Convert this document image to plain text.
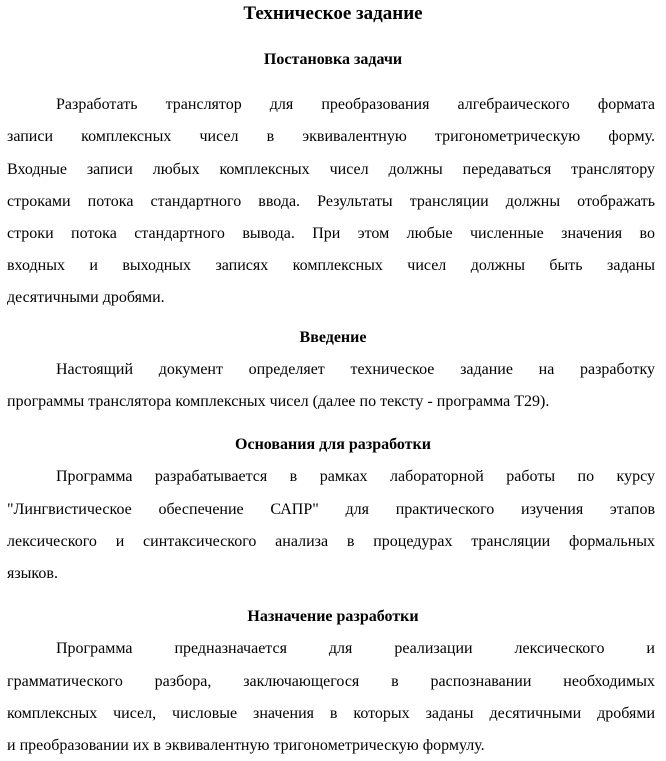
Техническое задание
Постановка задачи
Разработать транслятор для преобразования алгебраического формата
записи комплексных чисел в эквивалентную тригонометрическую форму.
Входные записи любых комплексных чисел должны передаваться транслятору
строками потока стандартного ввода. Результаты трансляции должны отображать
строки потока стандартного вывода. При этом любые численные значения во
входных и выходных записях комплексных чисел должны быть заданы
десятичными дробями.
Введение
Настоящий документ определяет техническое задание на разработку
программы транслятора комплексных чисел (далее по тексту - программа Т29).
Основания для разработки
Программа разрабатывается в рамках лабораторной работы по курсу
"Лингвистическое обеспечение САПР" для практического изучения этапов
лексического и синтаксического анализа в процедурах трансляции формальных
языков.
Назначение разработки
Программа предназначается для реализации лексического и
грамматического разбора, заключающегося в распознавании необходимых
комплексных чисел, числовые значения в которых заданы десятичными дробями
и преобразовании их в эквивалентную тригонометрическую формулу.
